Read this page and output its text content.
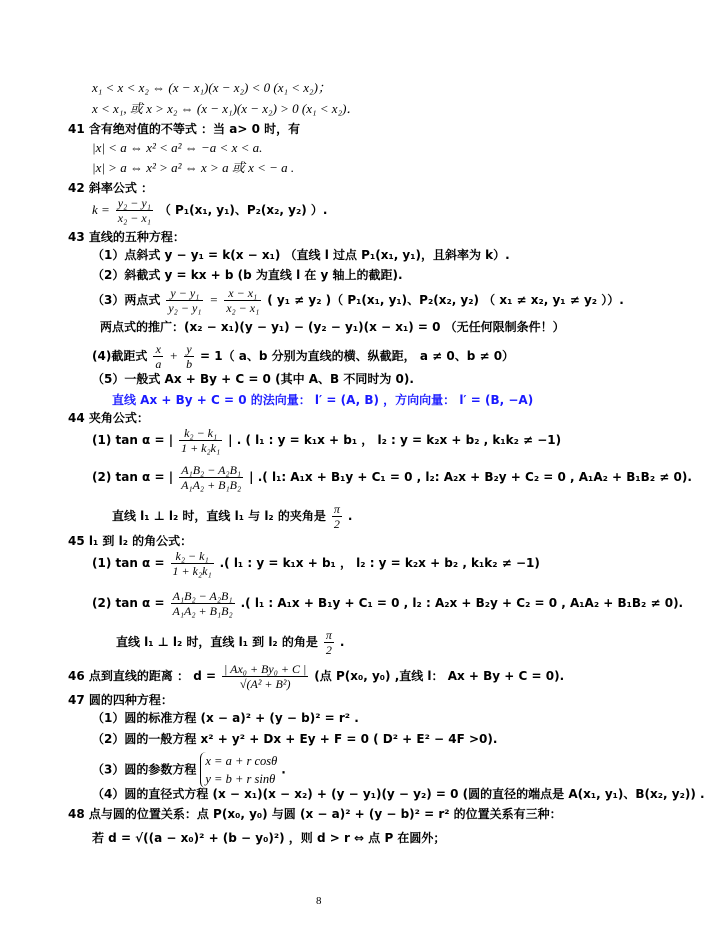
x₁ < x < x₂ ⇔ (x − x₁)(x − x₂) < 0 (x₁ < x₂)；
x < x₁, 或 x > x₂ ⇔ (x − x₁)(x − x₂) > 0 (x₁ < x₂)．
41 含有绝对值的不等式 ：当 a> 0 时，有
|x| < a ⇔ x² < a² ⇔ −a < x < a.
|x| > a ⇔ x² > a² ⇔ x > a 或 x < − a .
42 斜率公式 ：
$k = \frac{\text{y₂ − y₁}}{\text{x₂ − x₁}}$ （ P₁(x₁, y₁)、P₂(x₂, y₂) ）.
43 直线的五种方程：
（1）点斜式 y − y₁ = k(x − x₁) （直线 l 过点 P₁(x₁, y₁)，且斜率为 k）.
（2）斜截式 y = kx + b (b 为直线 l 在 y 轴上的截距).
（3）两点式 $\frac{\text{y − y₁}}{\text{y₂ − y₁}} = \frac{\text{x − x₁}}{\text{x₂ − x₁}}$ ( y₁ ≠ y₂ )（ P₁(x₁, y₁)、P₂(x₂, y₂) （ x₁ ≠ x₂, y₁ ≠ y₂ ））.
两点式的推广：(x₂ − x₁)(y − y₁) − (y₂ − y₁)(x − x₁) = 0 （无任何限制条件！）
(4)截距式 $\frac{x}{a} + \frac{y}{b} = 1$（ a、b 分别为直线的横、纵截距， a ≠ 0、b ≠ 0）
（5）一般式 Ax + By + C = 0 (其中 A、B 不同时为 0).
直线 Ax + By + C = 0 的法向量： l′ = (A, B) ，方向向量： l′ = (B, −A)
44 夹角公式：
(1) tan α = | $\frac{\text{k₂ − k₁}}{\text{1 + k₂k₁}}$ | . ( l₁ : y = k₁x + b₁ ， l₂ : y = k₂x + b₂ , k₁k₂ ≠ −1)
(2) tan α = | $\frac{\text{A₁B₂ − A₂B₁}}{\text{A₁A₂ + B₁B₂}}$ | .( l₁: A₁x + B₁y + C₁ = 0 , l₂: A₂x + B₂y + C₂ = 0 , A₁A₂ + B₁B₂ ≠ 0).
直线 l₁ ⊥ l₂ 时，直线 l₁ 与 l₂ 的夹角是 $\frac{\pi}{2}$ .
45 l₁ 到 l₂ 的角公式：
(1) $\tan \alpha = \frac{\text{k₂ − k₁}}{\text{1 + k₂k₁}}$ .( l₁ : y = k₁x + b₁ ， l₂ : y = k₂x + b₂ , k₁k₂ ≠ −1)
(2) $\tan \alpha = \frac{\text{A₁B₂ − A₂B₁}}{\text{A₁A₂ + B₁B₂}}$ .( l₁ : A₁x + B₁y + C₁ = 0 , l₂ : A₂x + B₂y + C₂ = 0 , A₁A₂ + B₁B₂ ≠ 0).
直线 l₁ ⊥ l₂ 时，直线 l₁ 到 l₂ 的角是 $\frac{\pi}{2}$ .
46 点到直线的距离 ： $d = \frac{\text{| Ax₀ + By₀ + C |}}{\text{√(A² + B²)}}$ (点 P(x₀, y₀) ,直线 l： Ax + By + C = 0).
47 圆的四种方程：
（1）圆的标准方程 (x − a)² + (y − b)² = r² .
（2）圆的一般方程 x² + y² + Dx + Ey + F = 0 ( D² + E² − 4F >0).
（3）圆的参数方程
x = a + r cosθ
y = b + r sinθ
.
（4）圆的直径式方程 (x − x₁)(x − x₂) + (y − y₁)(y − y₂) = 0 (圆的直径的端点是 A(x₁, y₁)、B(x₂, y₂)) .
48 点与圆的位置关系：点 P(x₀, y₀) 与圆 (x − a)² + (y − b)² = r² 的位置关系有三种：
若 d = √((a − x₀)² + (b − y₀)²) ，则 d > r ⇔ 点 P 在圆外；
8
